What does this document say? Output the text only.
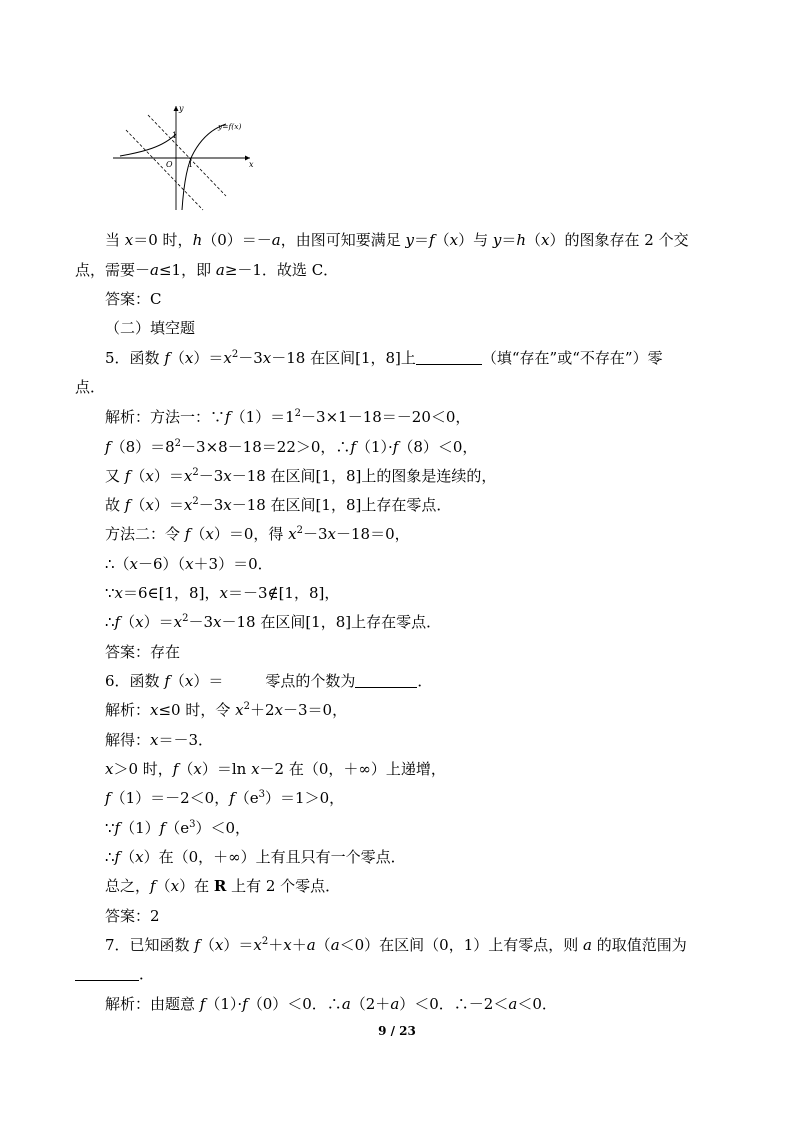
y
x
O 1
1
y=f(x)
当 x＝0 时，h（0）＝－a，由图可知要满足 y＝f（x）与 y＝h（x）的图象存在 2 个交
点，需要－a≤1，即 a≥－1．故选 C．
答案：C
（二）填空题
5．函数 $f(x)=x^2-3x-18$ 在区间[1，8]上	（填“存在”或“不存在”）零
点．
解析：方法一：$\because f(1)=1^2-3\times 1-18=-20<0$，
$f(8)=8^2-3\times 8-18=22>0$，∴f（1）·f（8）＜0，
又 $f(x)=x^2-3x-18$ 在区间[1，8]上的图象是连续的，
故 $f(x)=x^2-3x-18$ 在区间[1，8]上存在零点．
方法二：令 f（x）＝0，得 $x^2-3x-18=0$，
∴（x－6）（x＋3）＝0．
∵x＝6∈[1，8]，x＝－3∉[1，8]，
$\therefore f(x)=x^2-3x-18$ 在区间[1，8]上存在零点．
答案：存在
6．函数 f（x）＝	零点的个数为	．
解析：x≤0 时，令 $x^2+2x-3=0$，
解得：x＝－3．
x＞0 时，f（x）＝ln x－2 在（0，＋∞）上递增，
f（1）＝－2＜0，$f(e^3)=1>0$，
$\because f(1)f(e^3)<0$，
∴f（x）在（0，＋∞）上有且只有一个零点．
总之，f（x）在 R 上有 2 个零点．
答案：2
7．已知函数 $f(x)=x^2+x+a(a<0)$在区间（0，1）上有零点，则 a 的取值范围为
．
解析：由题意 f（1）·f（0）＜0．∴a（2＋a）＜0．∴－2＜a＜0．
9 / 23
